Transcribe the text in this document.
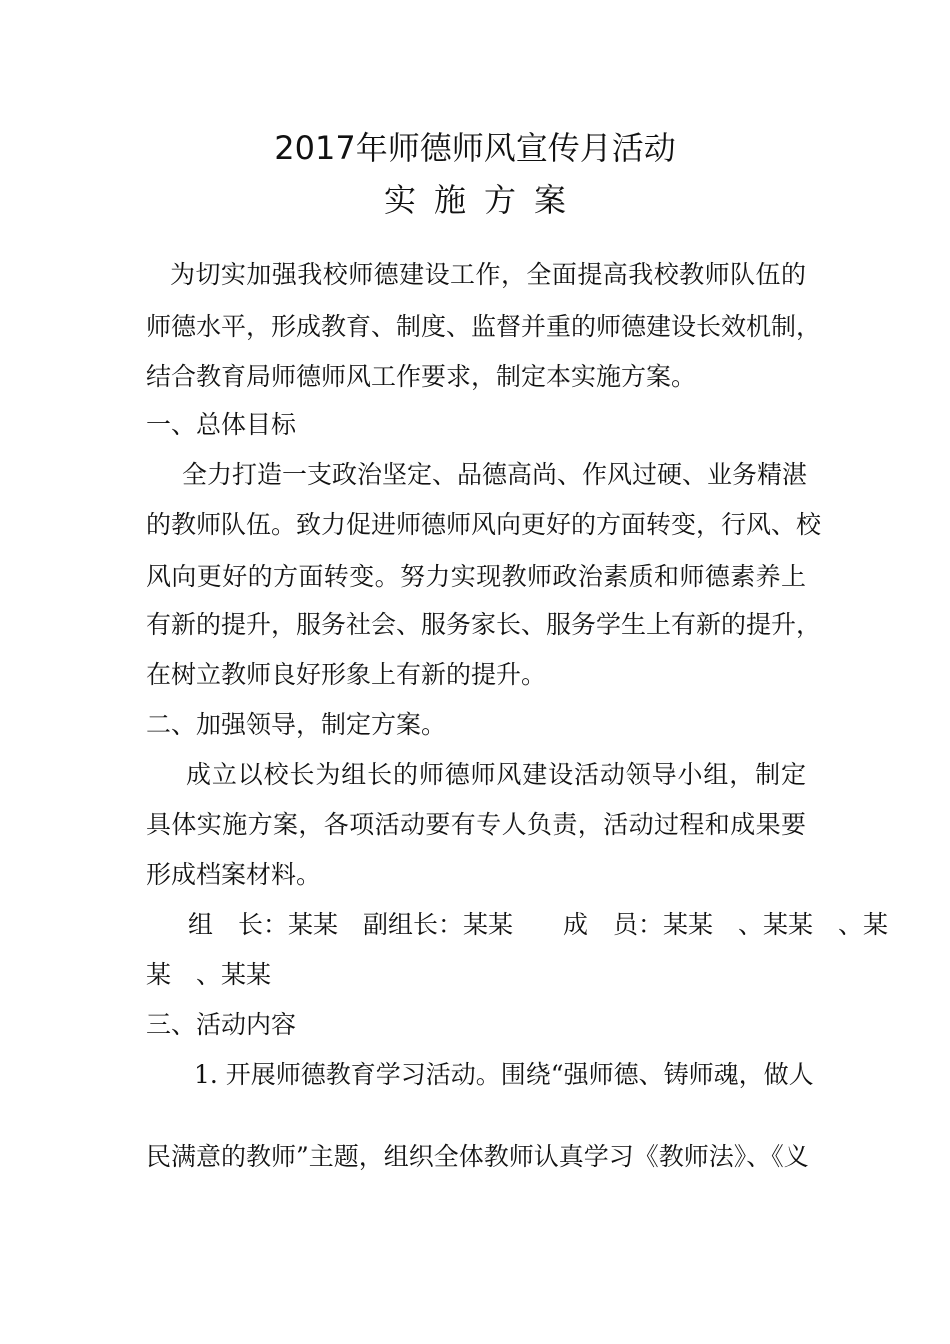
2017年师德师风宣传月活动
实施方案
为切实加强我校师德建设工作，全面提高我校教师队伍的
师德水平，形成教育、制度、监督并重的师德建设长效机制，
结合教育局师德师风工作要求，制定本实施方案。
一、总体目标
全力打造一支政治坚定、品德高尚、作风过硬、业务精湛
的教师队伍。致力促进师德师风向更好的方面转变，行风、校
风向更好的方面转变。努力实现教师政治素质和师德素养上
有新的提升，服务社会、服务家长、服务学生上有新的提升，
在树立教师良好形象上有新的提升。
二、加强领导，制定方案。
成立以校长为组长的师德师风建设活动领导小组，制定
具体实施方案，各项活动要有专人负责，活动过程和成果要
形成档案材料。
组　长：某某　副组长：某某　　成　员：某某　、某某　、某
某　、某某
三、活动内容
1. 开展师德教育学习活动。围绕“强师德、铸师魂，做人
民满意的教师”主题，组织全体教师认真学习《教师法》、《义
